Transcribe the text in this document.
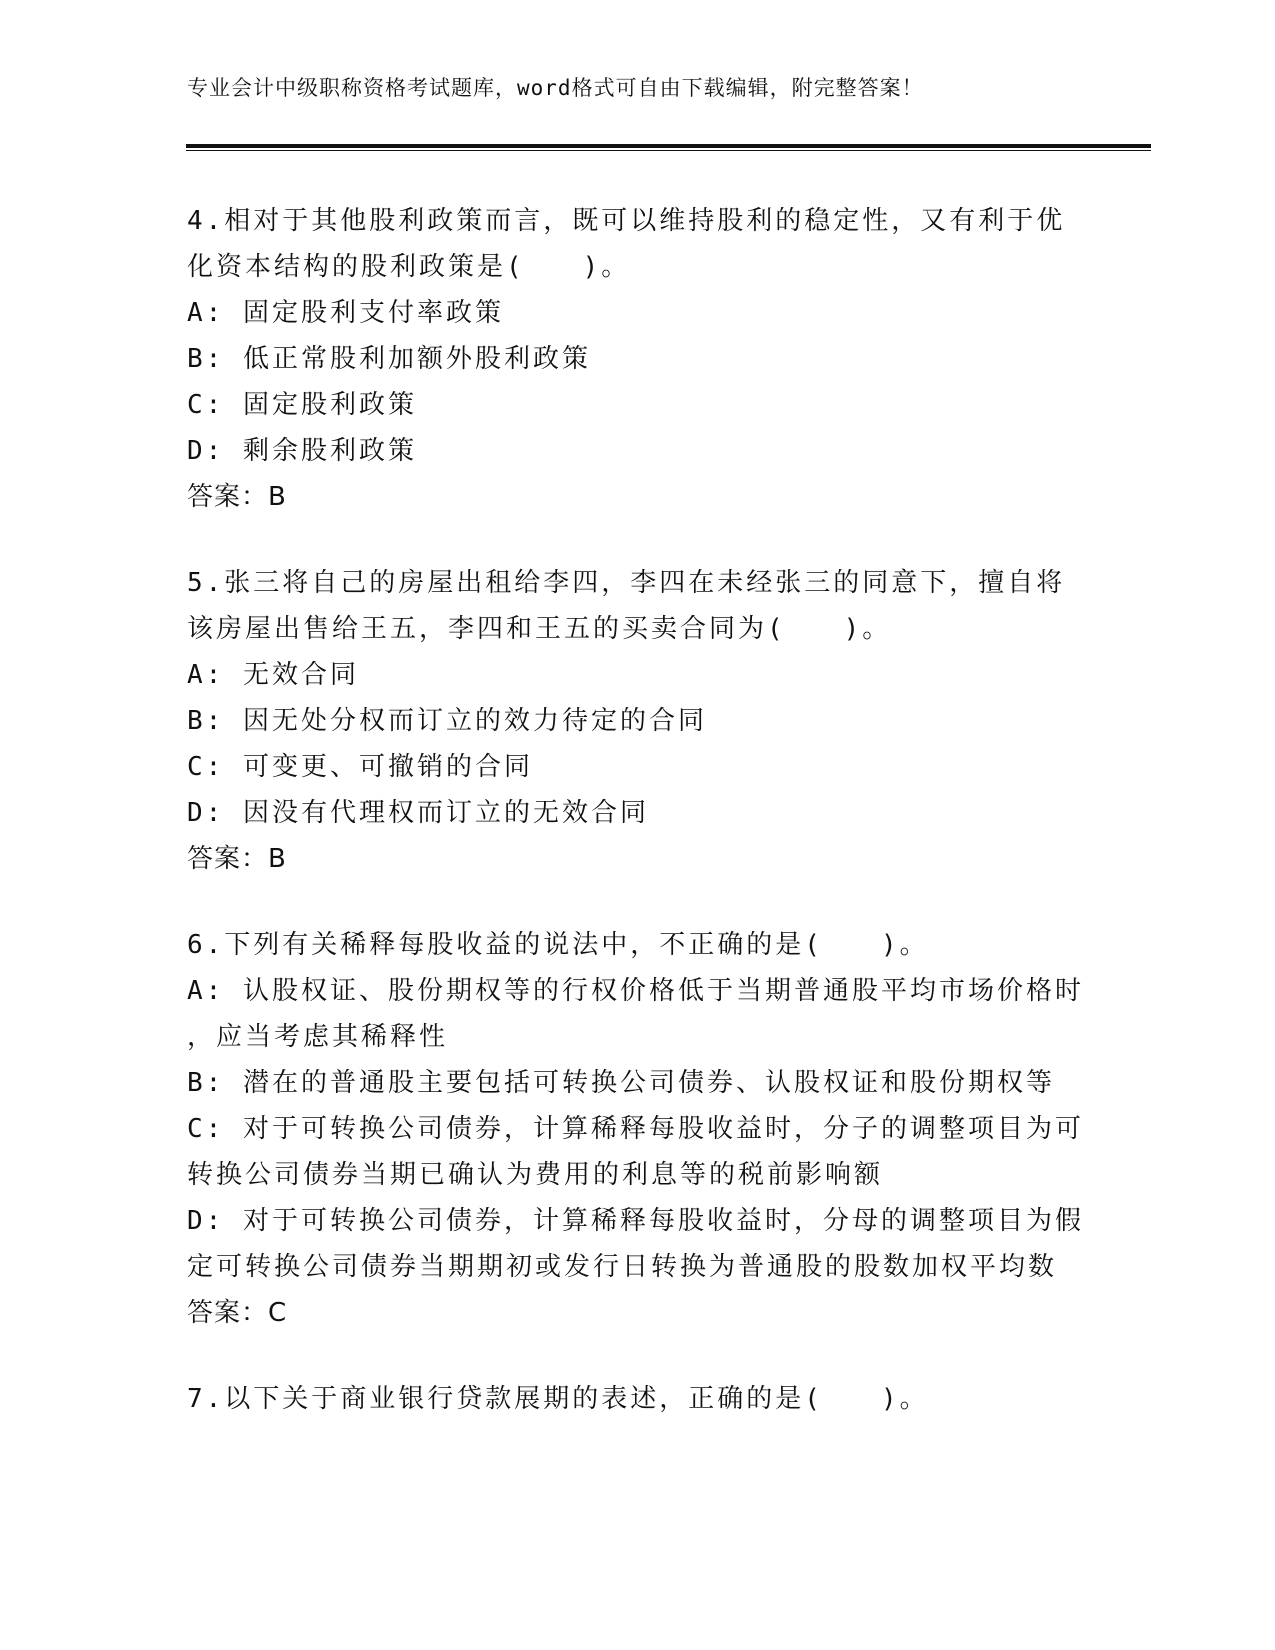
专业会计中级职称资格考试题库，word格式可自由下载编辑，附完整答案！
4.相对于其他股利政策而言，既可以维持股利的稳定性，又有利于优
化资本结构的股利政策是(　　)。
A: 固定股利支付率政策
B: 低正常股利加额外股利政策
C: 固定股利政策
D: 剩余股利政策
答案：B
5.张三将自己的房屋出租给李四，李四在未经张三的同意下，擅自将
该房屋出售给王五，李四和王五的买卖合同为(　　)。
A: 无效合同
B: 因无处分权而订立的效力待定的合同
C: 可变更、可撤销的合同
D: 因没有代理权而订立的无效合同
答案：B
6.下列有关稀释每股收益的说法中，不正确的是(　　)。
A: 认股权证、股份期权等的行权价格低于当期普通股平均市场价格时
，应当考虑其稀释性
B: 潜在的普通股主要包括可转换公司债券、认股权证和股份期权等
C: 对于可转换公司债券，计算稀释每股收益时，分子的调整项目为可
转换公司债券当期已确认为费用的利息等的税前影响额
D: 对于可转换公司债券，计算稀释每股收益时，分母的调整项目为假
定可转换公司债券当期期初或发行日转换为普通股的股数加权平均数
答案：C
7.以下关于商业银行贷款展期的表述，正确的是(　　)。
